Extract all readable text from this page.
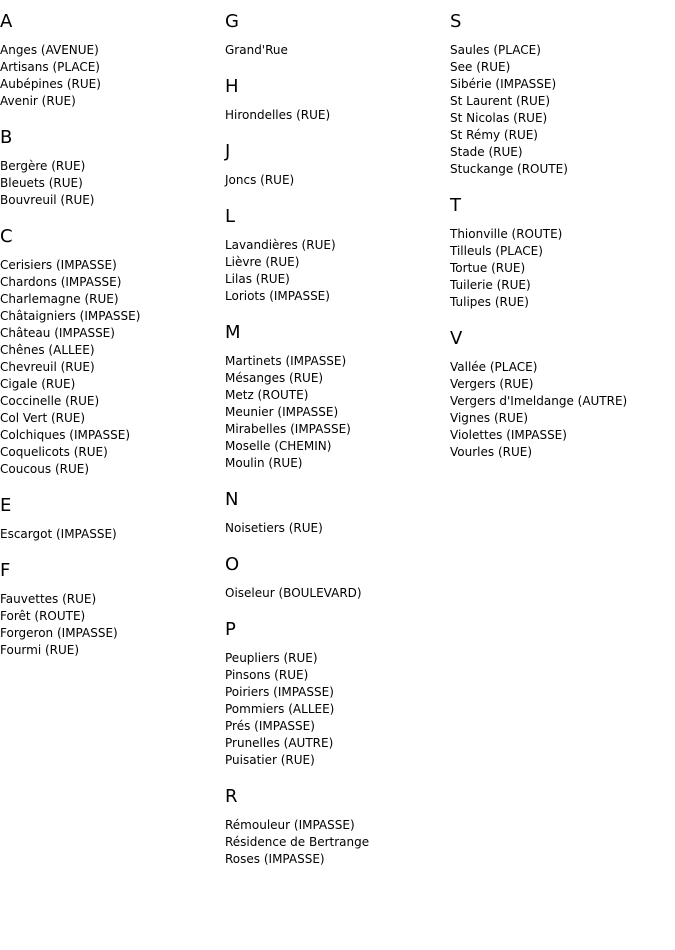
A
Anges (AVENUE)
Artisans (PLACE)
Aubépines (RUE)
Avenir (RUE)
B
Bergère (RUE)
Bleuets (RUE)
Bouvreuil (RUE)
C
Cerisiers (IMPASSE)
Chardons (IMPASSE)
Charlemagne (RUE)
Châtaigniers (IMPASSE)
Château (IMPASSE)
Chênes (ALLEE)
Chevreuil (RUE)
Cigale (RUE)
Coccinelle (RUE)
Col Vert (RUE)
Colchiques (IMPASSE)
Coquelicots (RUE)
Coucous (RUE)
E
Escargot (IMPASSE)
F
Fauvettes (RUE)
Forêt (ROUTE)
Forgeron (IMPASSE)
Fourmi (RUE)
G
Grand'Rue
H
Hirondelles (RUE)
J
Joncs (RUE)
L
Lavandières (RUE)
Lièvre (RUE)
Lilas (RUE)
Loriots (IMPASSE)
M
Martinets (IMPASSE)
Mésanges (RUE)
Metz (ROUTE)
Meunier (IMPASSE)
Mirabelles (IMPASSE)
Moselle (CHEMIN)
Moulin (RUE)
N
Noisetiers (RUE)
O
Oiseleur (BOULEVARD)
P
Peupliers (RUE)
Pinsons (RUE)
Poiriers (IMPASSE)
Pommiers (ALLEE)
Prés (IMPASSE)
Prunelles (AUTRE)
Puisatier (RUE)
R
Rémouleur (IMPASSE)
Résidence de Bertrange
Roses (IMPASSE)
S
Saules (PLACE)
See (RUE)
Sibérie (IMPASSE)
St Laurent (RUE)
St Nicolas (RUE)
St Rémy (RUE)
Stade (RUE)
Stuckange (ROUTE)
T
Thionville (ROUTE)
Tilleuls (PLACE)
Tortue (RUE)
Tuilerie (RUE)
Tulipes (RUE)
V
Vallée (PLACE)
Vergers (RUE)
Vergers d'Imeldange (AUTRE)
Vignes (RUE)
Violettes (IMPASSE)
Vourles (RUE)
